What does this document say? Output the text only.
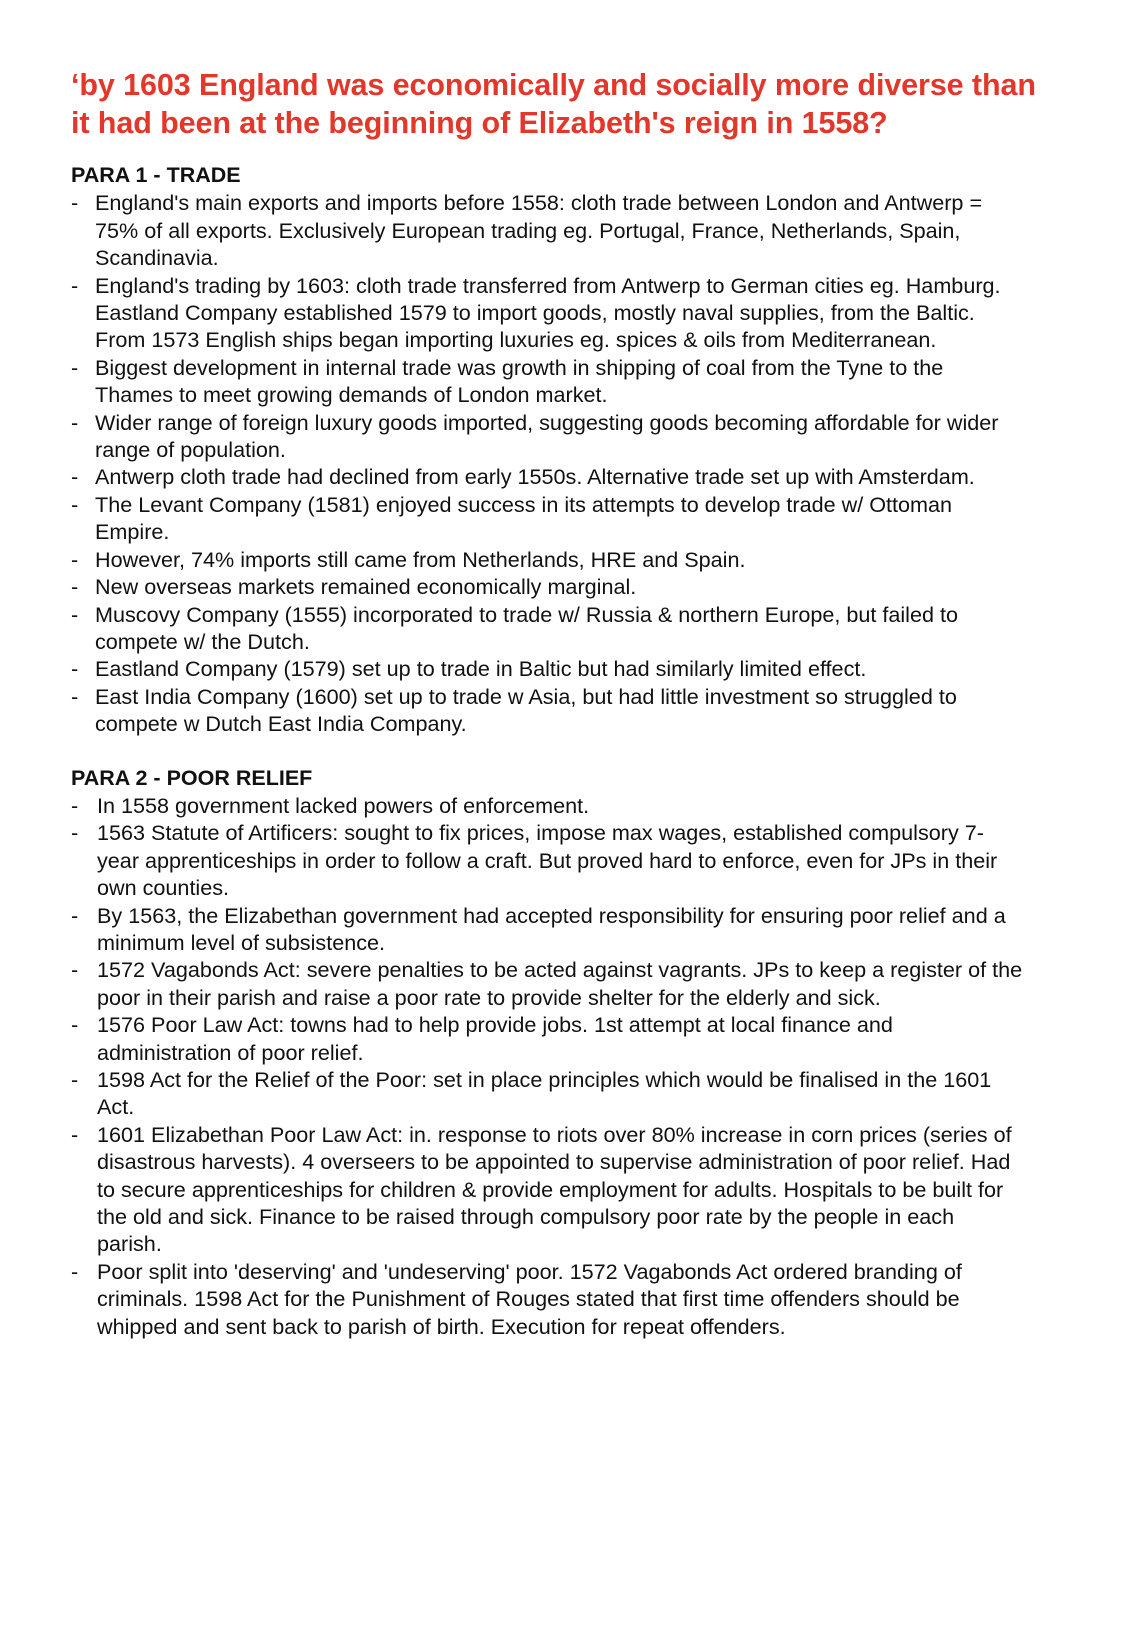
‘by 1603 England was economically and socially more diverse than it had been at the beginning of Elizabeth's reign in 1558?
PARA 1 - TRADE
- England's main exports and imports before 1558: cloth trade between London and Antwerp = 75% of all exports. Exclusively European trading eg. Portugal, France, Netherlands, Spain, Scandinavia.
- England's trading by 1603: cloth trade transferred from Antwerp to German cities eg. Hamburg. Eastland Company established 1579 to import goods, mostly naval supplies, from the Baltic. From 1573 English ships began importing luxuries eg. spices & oils from Mediterranean.
- Biggest development in internal trade was growth in shipping of coal from the Tyne to the Thames to meet growing demands of London market.
- Wider range of foreign luxury goods imported, suggesting goods becoming affordable for wider range of population.
- Antwerp cloth trade had declined from early 1550s. Alternative trade set up with Amsterdam.
- The Levant Company (1581) enjoyed success in its attempts to develop trade w/ Ottoman Empire.
- However, 74% imports still came from Netherlands, HRE and Spain.
- New overseas markets remained economically marginal.
- Muscovy Company (1555) incorporated to trade w/ Russia & northern Europe, but failed to compete w/ the Dutch.
- Eastland Company (1579) set up to trade in Baltic but had similarly limited effect.
- East India Company (1600) set up to trade w Asia, but had little investment so struggled to compete w Dutch East India Company.
PARA 2 - POOR RELIEF
- In 1558 government lacked powers of enforcement.
- 1563 Statute of Artificers: sought to fix prices, impose max wages, established compulsory 7-year apprenticeships in order to follow a craft. But proved hard to enforce, even for JPs in their own counties.
- By 1563, the Elizabethan government had accepted responsibility for ensuring poor relief and a minimum level of subsistence.
- 1572 Vagabonds Act: severe penalties to be acted against vagrants. JPs to keep a register of the poor in their parish and raise a poor rate to provide shelter for the elderly and sick.
- 1576 Poor Law Act: towns had to help provide jobs. 1st attempt at local finance and administration of poor relief.
- 1598 Act for the Relief of the Poor: set in place principles which would be finalised in the 1601 Act.
- 1601 Elizabethan Poor Law Act: in. response to riots over 80% increase in corn prices (series of disastrous harvests). 4 overseers to be appointed to supervise administration of poor relief. Had to secure apprenticeships for children & provide employment for adults. Hospitals to be built for the old and sick. Finance to be raised through compulsory poor rate by the people in each parish.
- Poor split into 'deserving' and 'undeserving' poor. 1572 Vagabonds Act ordered branding of criminals. 1598 Act for the Punishment of Rouges stated that first time offenders should be whipped and sent back to parish of birth. Execution for repeat offenders.
